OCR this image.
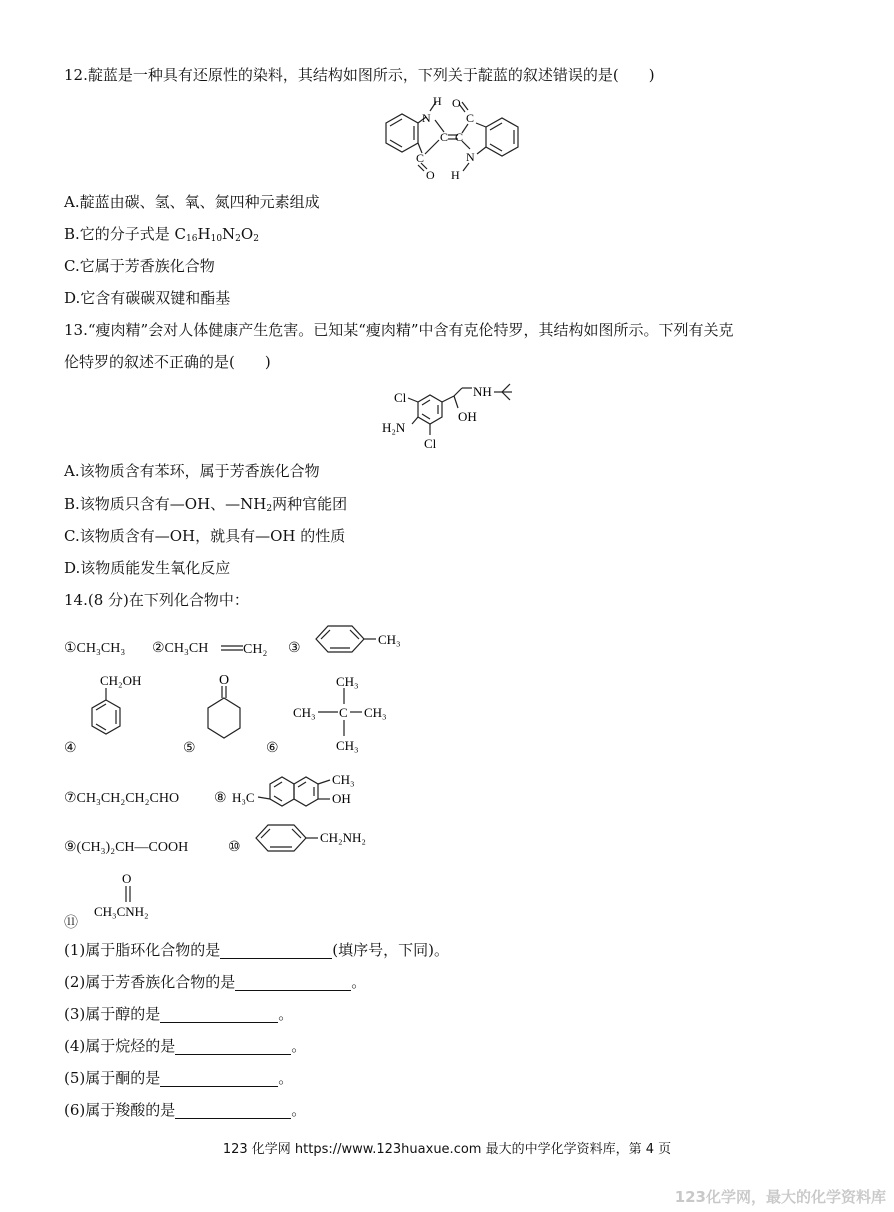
12.靛蓝是一种具有还原性的染料，其结构如图所示，下列关于靛蓝的叙述错误的是(　　)
N
H
C C
C
O
C
O
N
H
A.靛蓝由碳、氢、氧、氮四种元素组成
B.它的分子式是 $C_{16}H_{10}N_2O_2$
C.它属于芳香族化合物
D.它含有碳碳双键和酯基
13.“瘦肉精”会对人体健康产生危害。已知某“瘦肉精”中含有克伦特罗，其结构如图所示。下列有关克
伦特罗的叙述不正确的是(　　)
Cl	NH
OH
H₂N
Cl
A.该物质含有苯环，属于芳香族化合物
B.该物质只含有—OH、$—NH_2$两种官能团
C.该物质含有—OH，就具有—OH 的性质
D.该物质能发生氧化反应
14.(8 分)在下列化合物中：
①CH₃CH₃ ②CH₃CH CH₂ ③
CH₃
CH₂OH
④
O
⑤
CH₃
CH₃ C CH₃
CH₃
⑥
⑦CH₃CH₂CH₂CHO ⑧ H₃C
CH₃
OH
⑨(CH₃)₂CH—COOH	⑩
CH₂NH₂
O
CH₃CNH₂
⑪
(1)属于脂环化合物的是	(填序号，下同)。
(2)属于芳香族化合物的是	。
(3)属于醇的是	。
(4)属于烷烃的是	。
(5)属于酮的是	。
(6)属于羧酸的是	。
123 化学网 https://www.123huaxue.com 最大的中学化学资料库，第 4 页
123化学网，最大的化学资料库
